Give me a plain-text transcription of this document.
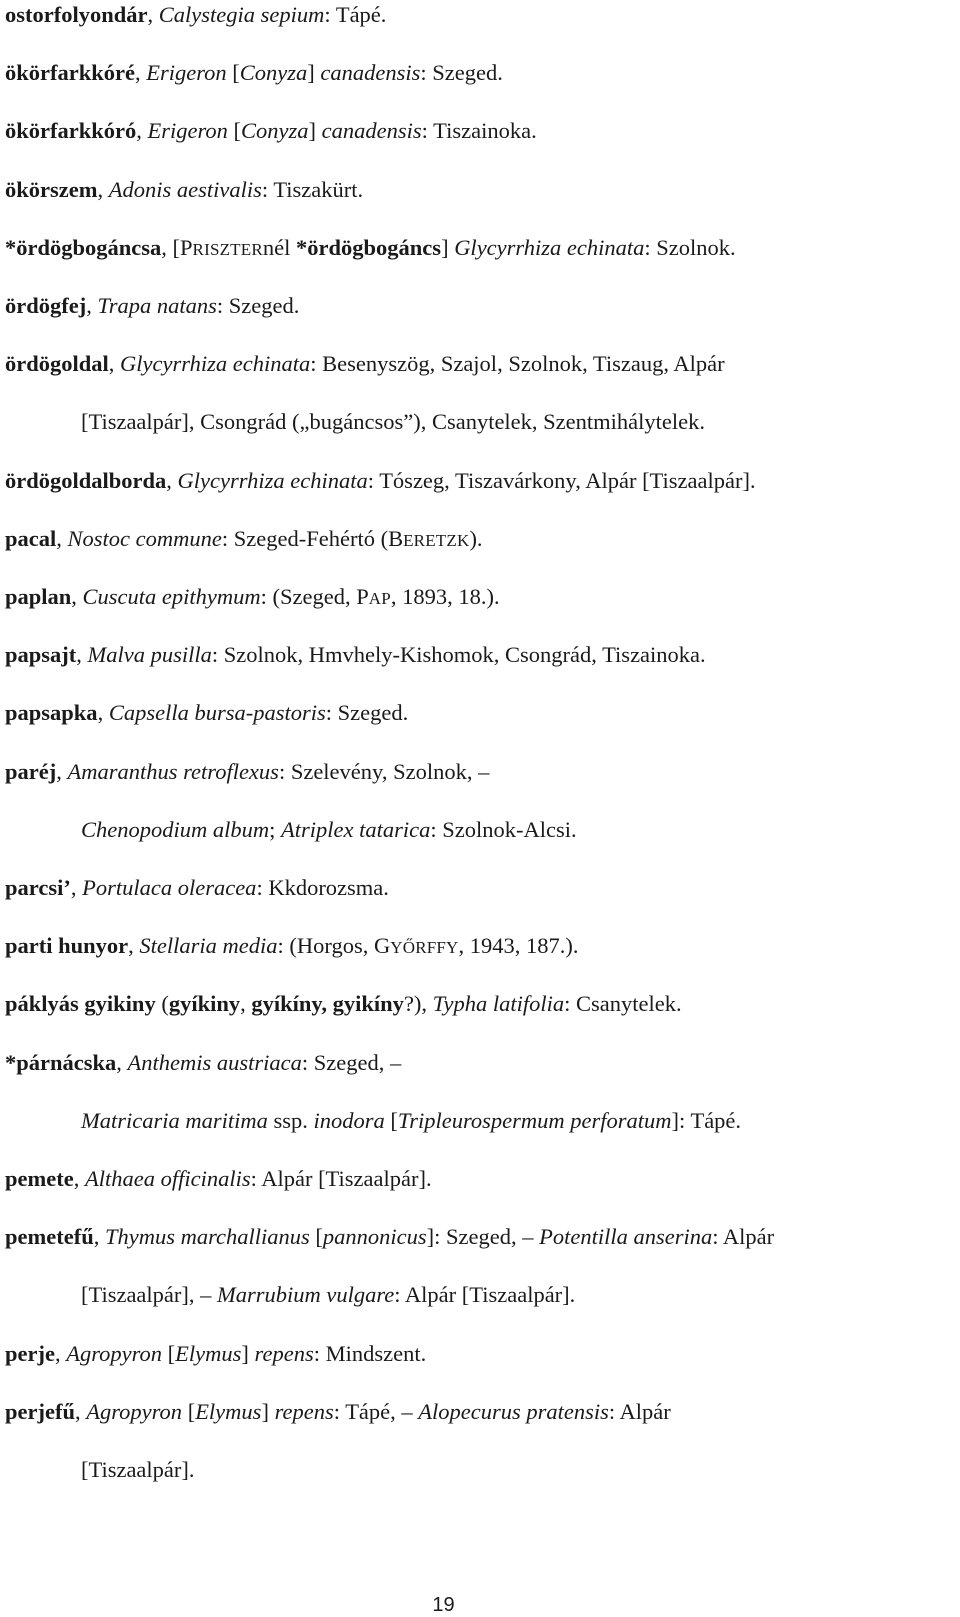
ostorfolyondár, Calystegia sepium: Tápé.
ökörfarkkóré, Erigeron [Conyza] canadensis: Szeged.
ökörfarkkóró, Erigeron [Conyza] canadensis: Tiszainoka.
ökörszem, Adonis aestivalis: Tiszakürt.
*ördögbogáncsa, [PRISZTERnél *ördögbogáncs] Glycyrrhiza echinata: Szolnok.
ördögfej, Trapa natans: Szeged.
ördögoldal, Glycyrrhiza echinata: Besenyszög, Szajol, Szolnok, Tiszaug, Alpár
[Tiszaalpár], Csongrád („bugáncsos”), Csanytelek, Szentmihálytelek.
ördögoldalborda, Glycyrrhiza echinata: Tószeg, Tiszavárkony, Alpár [Tiszaalpár].
pacal, Nostoc commune: Szeged-Fehértó (BERETZK).
paplan, Cuscuta epithymum: (Szeged, PAP, 1893, 18.).
papsajt, Malva pusilla: Szolnok, Hmvhely-Kishomok, Csongrád, Tiszainoka.
papsapka, Capsella bursa-pastoris: Szeged.
paréj, Amaranthus retroflexus: Szelevény, Szolnok, –
Chenopodium album; Atriplex tatarica: Szolnok-Alcsi.
parcsi’, Portulaca oleracea: Kkdorozsma.
parti hunyor, Stellaria media: (Horgos, GYŐRFFY, 1943, 187.).
páklyás gyikiny (gyíkiny, gyíkíny, gyikíny?), Typha latifolia: Csanytelek.
*párnácska, Anthemis austriaca: Szeged, –
Matricaria maritima ssp. inodora [Tripleurospermum perforatum]: Tápé.
pemete, Althaea officinalis: Alpár [Tiszaalpár].
pemetefű, Thymus marchallianus [pannonicus]: Szeged, – Potentilla anserina: Alpár
[Tiszaalpár], – Marrubium vulgare: Alpár [Tiszaalpár].
perje, Agropyron [Elymus] repens: Mindszent.
perjefű, Agropyron [Elymus] repens: Tápé, – Alopecurus pratensis: Alpár
[Tiszaalpár].
19
